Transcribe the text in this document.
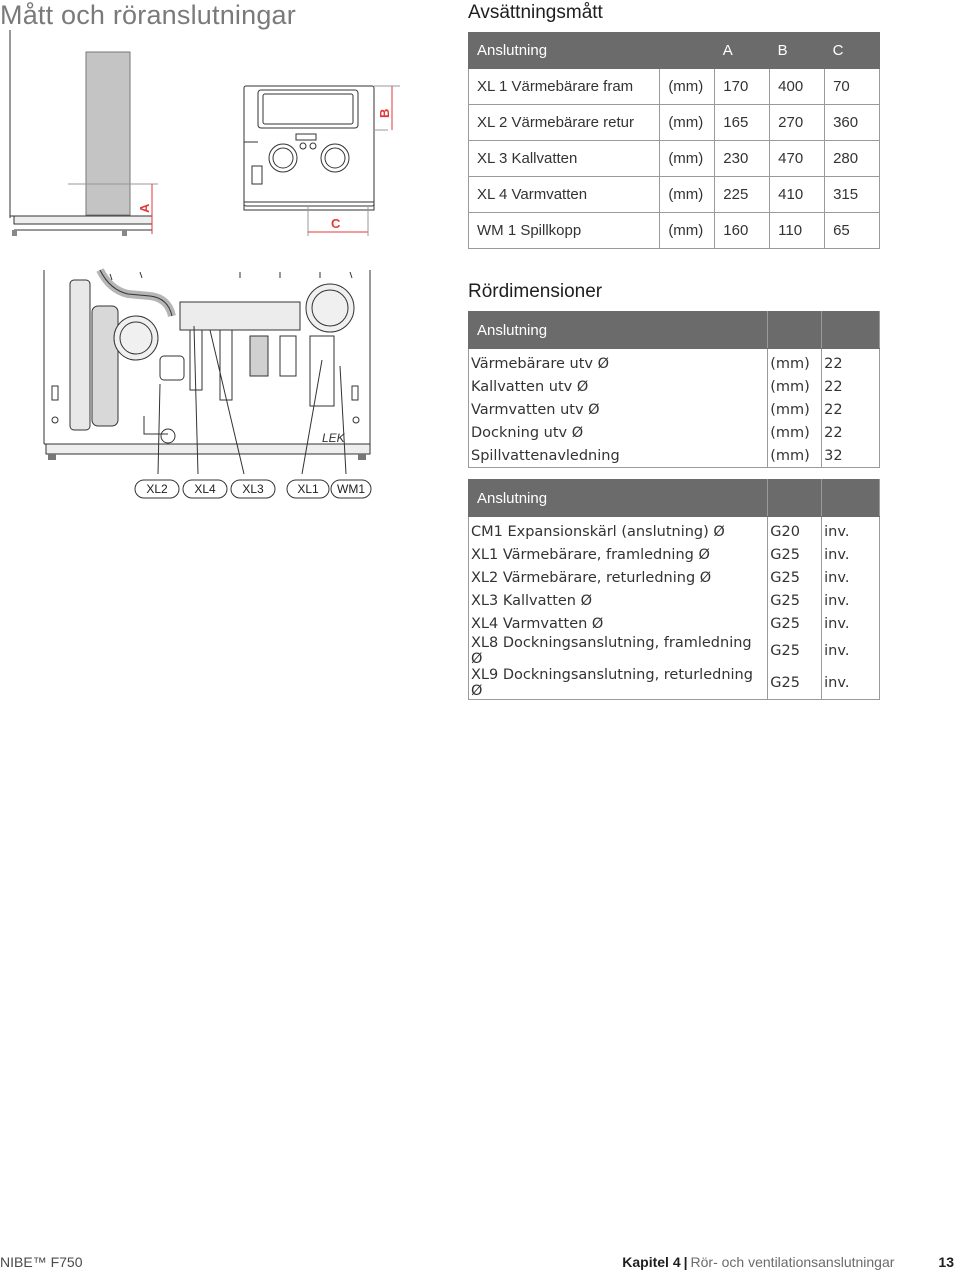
Mått och röranslutningar
A
B
C
LEK
XL2 XL4 XL3	XL1 WM1
Avsättningsmått
Anslutning		A	B	C
XL 1 Värmebärare fram	(mm)	170	400	70
XL 2 Värmebärare retur	(mm)	165	270	360
XL 3 Kallvatten	(mm)	230	470	280
XL 4 Varmvatten	(mm)	225	410	315
WM 1 Spillkopp	(mm)	160	110	65
Rördimensioner
Anslutning		
Värmebärare utv Ø	(mm)	22
Kallvatten utv Ø	(mm)	22
Varmvatten utv Ø	(mm)	22
Dockning utv Ø	(mm)	22
Spillvattenavledning	(mm)	32
Anslutning		
CM1 Expansionskärl (anslutning) Ø	G20	inv.
XL1 Värmebärare, framledning Ø	G25	inv.
XL2 Värmebärare, returledning Ø	G25	inv.
XL3 Kallvatten Ø	G25	inv.
XL4 Varmvatten Ø	G25	inv.
XL8 Dockningsanslutning, framledning Ø	G25	inv.
XL9 Dockningsanslutning, returledning Ø	G25	inv.
NIBE™ F750	Kapitel 4 | Rör- och ventilationsanslutningar	13
